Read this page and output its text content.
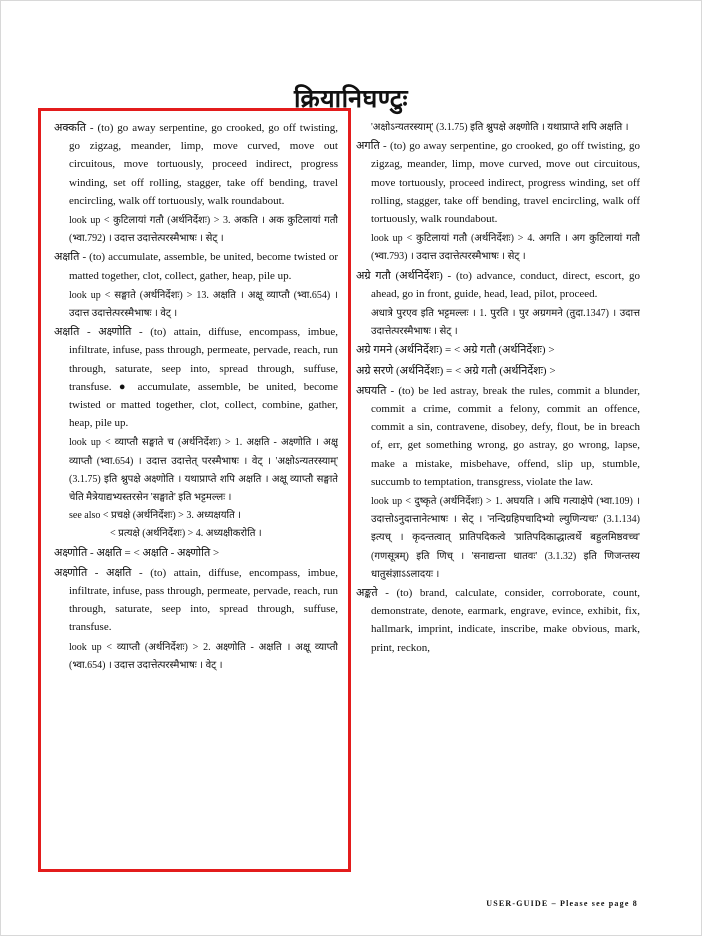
क्रियानिघण्टुः

अक्कति - (to) go away serpentine, go crooked, go off twisting, go zigzag, meander, limp, move curved, move out circuitous, move tortuously, proceed indirect, progress winding, set off rolling, stagger, take off bending, travel encircling, walk off tortuously, walk roundabout.

look up < कुटिलायां गतौ (अर्थनिर्देशः) > 3. अकति । अक कुटिलायां गतौ (भ्वा.792) । उदात्त उदात्तेत्परस्मैभाषः । सेट् ।

अक्षति - (to) accumulate, assemble, be united, become twisted or matted together, clot, collect, gather, heap, pile up.

look up < सङ्घाते (अर्थनिर्देशः) > 13. अक्षति । अक्षू व्याप्तौ (भ्वा.654) । उदात्त उदात्तेत्परस्मैभाषः । वेट् ।

अक्षति - अक्ष्णोति - (to) attain, diffuse, encompass, imbue, infiltrate, infuse, pass through, permeate, pervade, reach, run through, saturate, seep into, spread through, suffuse, transfuse. ● accumulate, assemble, be united, become twisted or matted together, clot, collect, combine, gather, heap, pile up.

look up < व्याप्तौ सङ्घाते च (अर्थनिर्देशः) > 1. अक्षति - अक्ष्णोति । अक्षू व्याप्तौ (भ्वा.654) । उदात्त उदात्तेत् परस्मैभाषः । वेट् । 'अक्षोऽन्यतरस्याम्' (3.1.75) इति श्नुपक्षे अक्ष्णोति । यथाप्राप्ते शपि अक्षति । अक्षू व्याप्तौ सङ्घाते चेति मैत्रेयाद्यभ्यस्तरसेन 'सङ्घाते' इति भट्टमल्लः ।

see also < प्रचक्षे (अर्थनिर्देशः) > 3. अध्यक्षयति ।

< प्रत्यक्षे (अर्थनिर्देशः) > 4. अध्यक्षीकरोति ।

अक्ष्णोति - अक्षति = < अक्षति - अक्ष्णोति >

अक्ष्णोति - अक्षति - (to) attain, diffuse, encompass, imbue, infiltrate, infuse, pass through, permeate, pervade, reach, run through, saturate, seep into, spread through, suffuse, transfuse.

look up < व्याप्तौ (अर्थनिर्देशः) > 2. अक्ष्णोति - अक्षति । अक्षू व्याप्तौ (भ्वा.654) । उदात्त उदात्तेत्परस्मैभाषः । वेट् ।

'अक्षोऽन्यतरस्याम्' (3.1.75) इति श्नुपक्षे अक्ष्णोति । यथाप्राप्ते शपि अक्षति ।

अगति - (to) go away serpentine, go crooked, go off twisting, go zigzag, meander, limp, move curved, move out circuitous, move tortuously, proceed indirect, progress winding, set off rolling, stagger, take off bending, travel encircling, walk off tortuously, walk roundabout.

look up < कुटिलायां गतौ (अर्थनिर्देशः) > 4. अगति । अग कुटिलायां गतौ (भ्वा.793) । उदात्त उदात्तेत्परस्मैभाषः । सेट् ।

अग्रे गतौ (अर्थनिर्देशः) - (to) advance, conduct, direct, escort, go ahead, go in front, guide, head, lead, pilot, proceed.

अधात्रे पुरएव इति भट्टमल्लः । 1. पुरति । पुर अग्रगमने (तुदा.1347) । उदात्त उदात्तेत्परस्मैभाषः । सेट् ।

अग्रे गमने (अर्थनिर्देशः) = < अग्रे गतौ (अर्थनिर्देशः) >

अग्रे सरणे (अर्थनिर्देशः) = < अग्रे गतौ (अर्थनिर्देशः) >

अघयति - (to) be led astray, break the rules, commit a blunder, commit a crime, commit a felony, commit an offence, commit a sin, contravene, disobey, defy, flout, be in breach of, err, get something wrong, go astray, go wrong, lapse, make a mistake, misbehave, offend, slip up, stumble, succumb to temptation, transgress, violate the law.

look up < दुष्कृते (अर्थनिर्देशः) > 1. अघयति । अघि गत्याक्षेपे (भ्वा.109) । उदात्तोऽनुदात्तानेत्भाषः । सेट् । 'नन्दिग्रहिपचादिभ्यो ल्युणिन्यचः' (3.1.134) इत्यच् । कृदन्तत्वात् प्रातिपदिकत्वे 'प्रातिपदिकाद्धात्वर्थे बहुलमिष्ठवच्च' (गणसूत्रम्) इति णिच् । 'सनाद्यन्ता धातवः' (3.1.32) इति णिजन्तस्य धातुसंज्ञाऽऽलादयः ।

अङ्कते - (to) brand, calculate, consider, corroborate, count, demonstrate, denote, earmark, engrave, evince, exhibit, fix, hallmark, imprint, indicate, inscribe, make obvious, mark, print, reckon,

USER-GUIDE – Please see page 8
